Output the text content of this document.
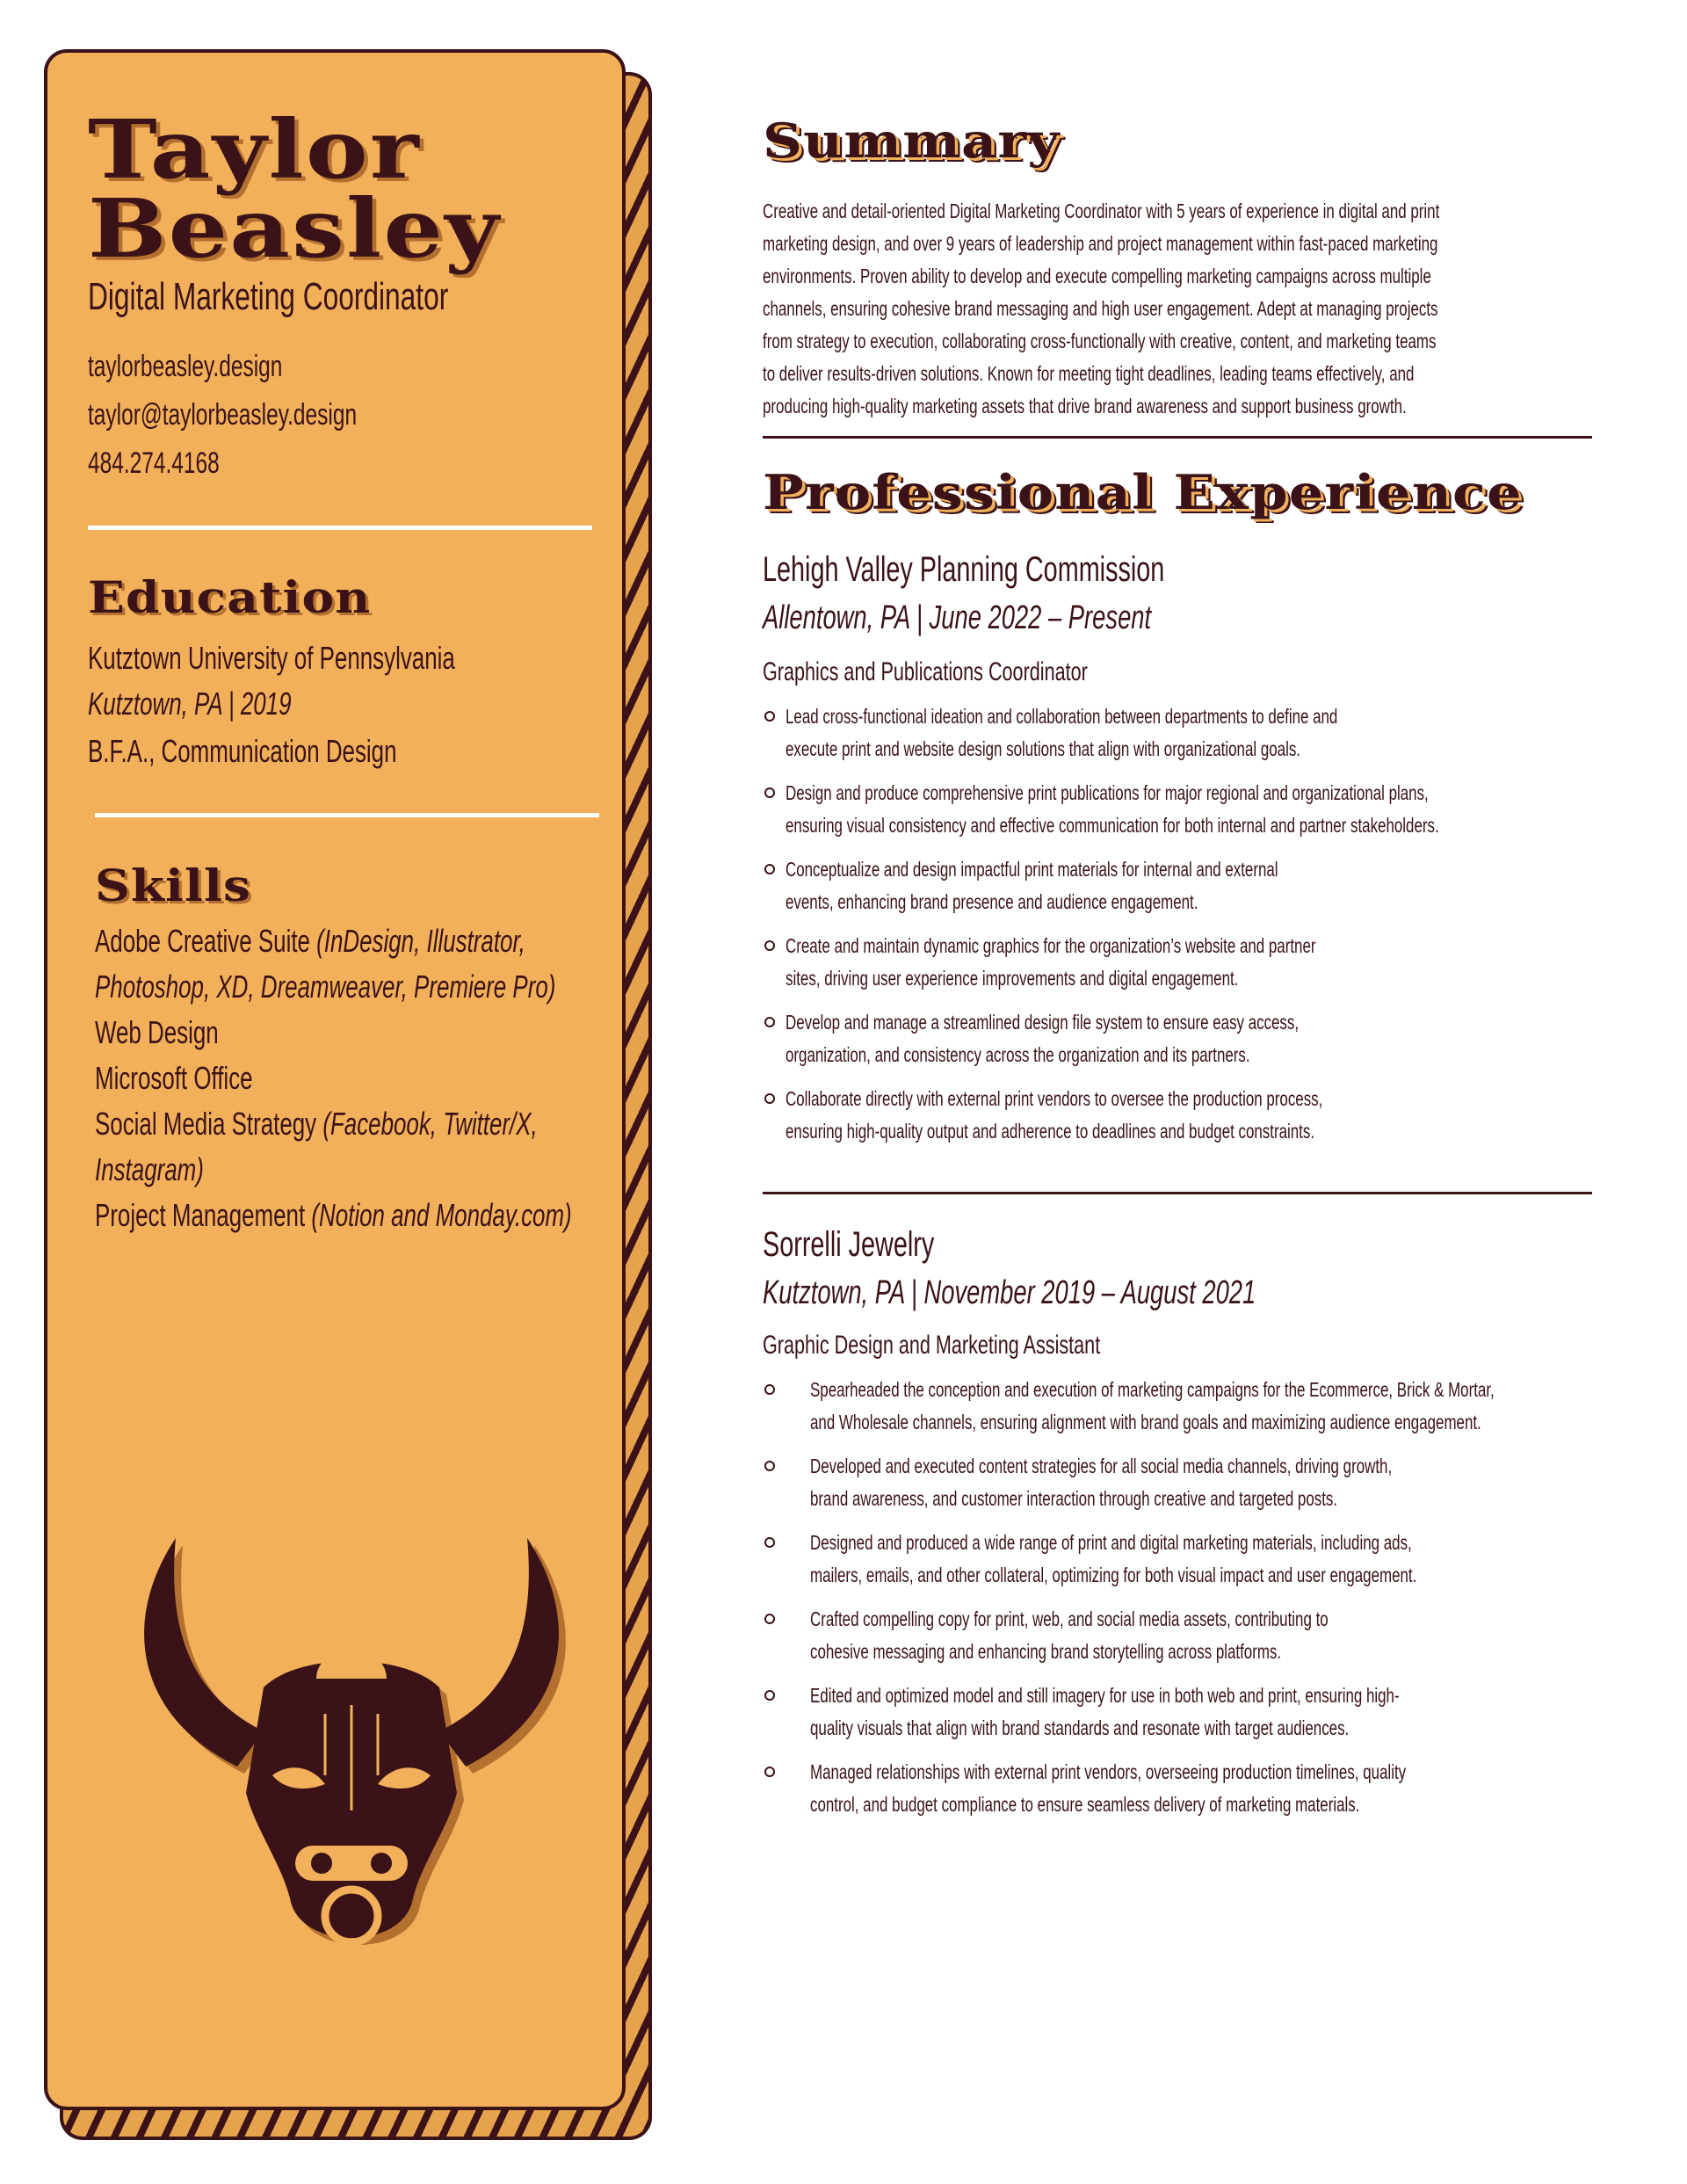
Taylor
Beasley
Digital Marketing Coordinator
taylorbeasley.design
taylor@taylorbeasley.design
484.274.4168
Education
Kutztown University of Pennsylvania
Kutztown, PA | 2019
B.F.A., Communication Design
Skills
Adobe Creative Suite (InDesign, Illustrator,
Photoshop, XD, Dreamweaver, Premiere Pro)
Web Design
Microsoft Office
Social Media Strategy (Facebook, Twitter/X,
Instagram)
Project Management (Notion and Monday.com)
Summary
Creative and detail-oriented Digital Marketing Coordinator with 5 years of experience in digital and print
marketing design, and over 9 years of leadership and project management within fast-paced marketing
environments. Proven ability to develop and execute compelling marketing campaigns across multiple
channels, ensuring cohesive brand messaging and high user engagement. Adept at managing projects
from strategy to execution, collaborating cross-functionally with creative, content, and marketing teams
to deliver results-driven solutions. Known for meeting tight deadlines, leading teams effectively, and
producing high-quality marketing assets that drive brand awareness and support business growth.
Professional Experience
Lehigh Valley Planning Commission
Allentown, PA | June 2022 – Present
Graphics and Publications Coordinator
Lead cross-functional ideation and collaboration between departments to define and
execute print and website design solutions that align with organizational goals.
Design and produce comprehensive print publications for major regional and organizational plans,
ensuring visual consistency and effective communication for both internal and partner stakeholders.
Conceptualize and design impactful print materials for internal and external
events, enhancing brand presence and audience engagement.
Create and maintain dynamic graphics for the organization’s website and partner
sites, driving user experience improvements and digital engagement.
Develop and manage a streamlined design file system to ensure easy access,
organization, and consistency across the organization and its partners.
Collaborate directly with external print vendors to oversee the production process,
ensuring high-quality output and adherence to deadlines and budget constraints.
Sorrelli Jewelry
Kutztown, PA | November 2019 – August 2021
Graphic Design and Marketing Assistant
Spearheaded the conception and execution of marketing campaigns for the Ecommerce, Brick & Mortar,
and Wholesale channels, ensuring alignment with brand goals and maximizing audience engagement.
Developed and executed content strategies for all social media channels, driving growth,
brand awareness, and customer interaction through creative and targeted posts.
Designed and produced a wide range of print and digital marketing materials, including ads,
mailers, emails, and other collateral, optimizing for both visual impact and user engagement.
Crafted compelling copy for print, web, and social media assets, contributing to
cohesive messaging and enhancing brand storytelling across platforms.
Edited and optimized model and still imagery for use in both web and print, ensuring high-
quality visuals that align with brand standards and resonate with target audiences.
Managed relationships with external print vendors, overseeing production timelines, quality
control, and budget compliance to ensure seamless delivery of marketing materials.
